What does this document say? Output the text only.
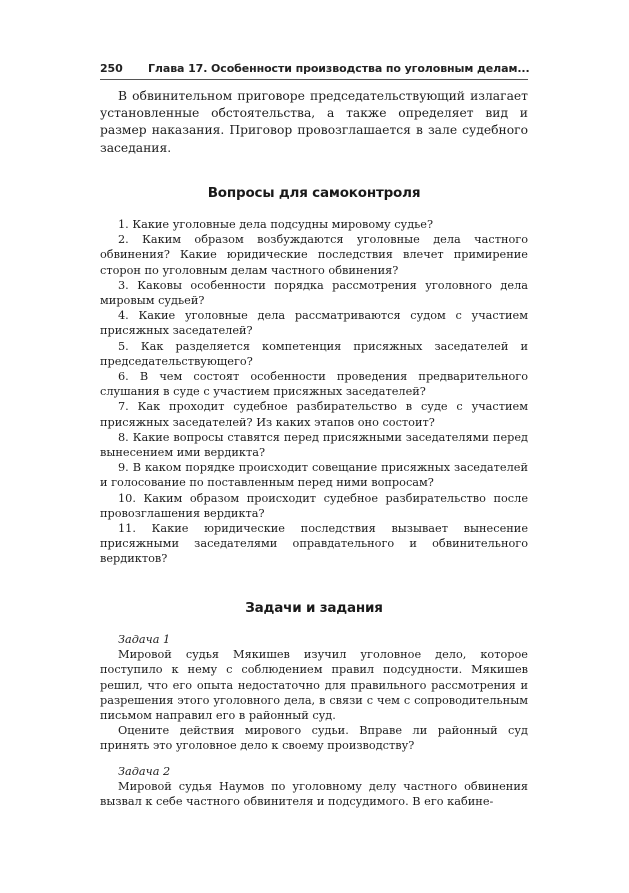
250 Глава 17. Особенности производства по уголовным делам...

В обвинительном приговоре председательствующий излагает установленные обстоятельства, а также определяет вид и размер наказания. Приговор провозглашается в зале судебного заседания.

Вопросы для самоконтроля

1. Какие уголовные дела подсудны мировому судье?

2. Каким образом возбуждаются уголовные дела частного обвинения? Какие юридические последствия влечет примирение сторон по уголовным делам частного обвинения?

3. Каковы особенности порядка рассмотрения уголовного дела мировым судьей?

4. Какие уголовные дела рассматриваются судом с участием присяжных заседателей?

5. Как разделяется компетенция присяжных заседателей и председательствующего?

6. В чем состоят особенности проведения предварительного слушания в суде с участием присяжных заседателей?

7. Как проходит судебное разбирательство в суде с участием присяжных заседателей? Из каких этапов оно состоит?

8. Какие вопросы ставятся перед присяжными заседателями перед вынесением ими вердикта?

9. В каком порядке происходит совещание присяжных заседателей и голосование по поставленным перед ними вопросам?

10. Каким образом происходит судебное разбирательство после провозглашения вердикта?

11. Какие юридические последствия вызывает вынесение присяжными заседателями оправдательного и обвинительного вердиктов?

Задачи и задания

Задача 1

Мировой судья Мякишев изучил уголовное дело, которое поступило к нему с соблюдением правил подсудности. Мякишев решил, что его опыта недостаточно для правильного рассмотрения и разрешения этого уголовного дела, в связи с чем с сопроводительным письмом направил его в районный суд.

Оцените действия мирового судьи. Вправе ли районный суд принять это уголовное дело к своему производству?

Задача 2

Мировой судья Наумов по уголовному делу частного обвинения вызвал к себе частного обвинителя и подсудимого. В его кабине-
